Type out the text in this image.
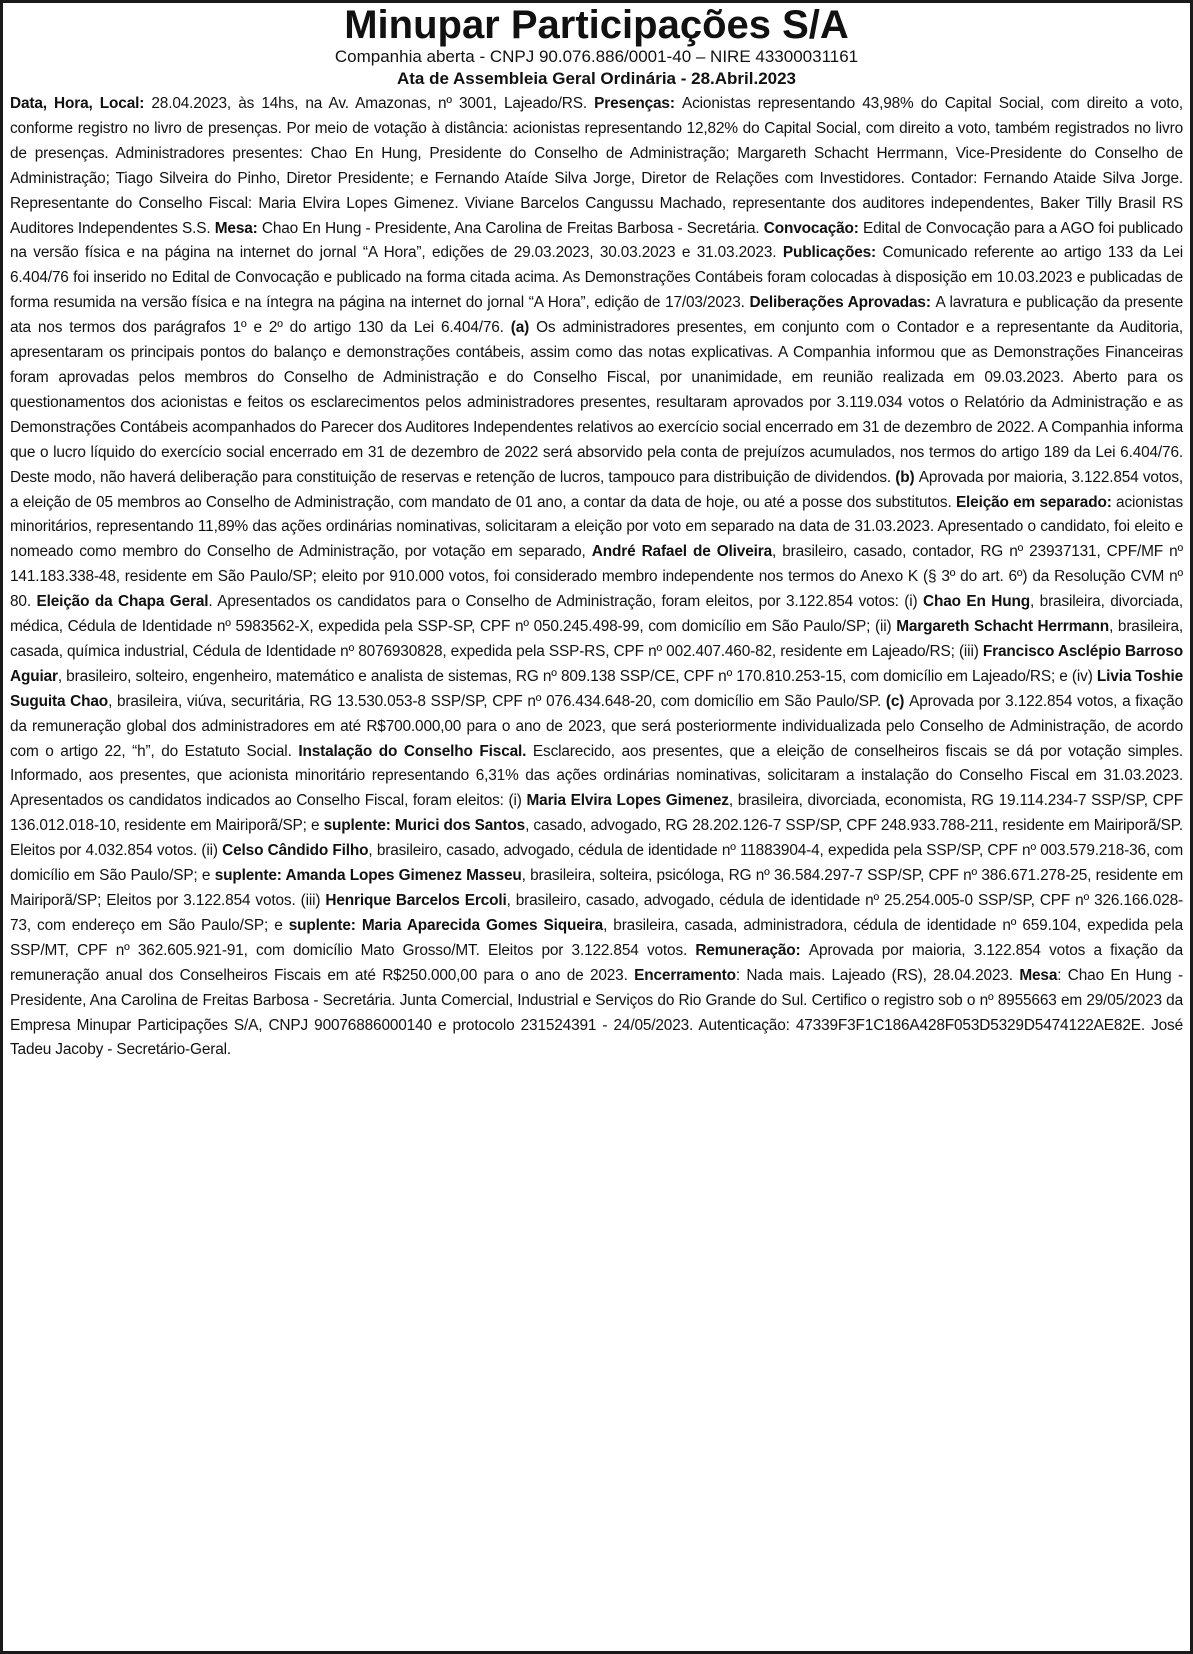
Minupar Participações S/A

Companhia aberta - CNPJ 90.076.886/0001-40 – NIRE 43300031161

Ata de Assembleia Geral Ordinária - 28.Abril.2023

Data, Hora, Local: 28.04.2023, às 14hs, na Av. Amazonas, nº 3001, Lajeado/RS. Presenças: Acionistas representando 43,98% do Capital Social, com direito a voto, conforme registro no livro de presenças. Por meio de votação à distância: acionistas representando 12,82% do Capital Social, com direito a voto, também registrados no livro de presenças. Administradores presentes: Chao En Hung, Presidente do Conselho de Administração; Margareth Schacht Herrmann, Vice-Presidente do Conselho de Administração; Tiago Silveira do Pinho, Diretor Presidente; e Fernando Ataíde Silva Jorge, Diretor de Relações com Investidores. Contador: Fernando Ataide Silva Jorge. Representante do Conselho Fiscal: Maria Elvira Lopes Gimenez. Viviane Barcelos Cangussu Machado, representante dos auditores independentes, Baker Tilly Brasil RS Auditores Independentes S.S. Mesa: Chao En Hung - Presidente, Ana Carolina de Freitas Barbosa - Secretária. Convocação: Edital de Convocação para a AGO foi publicado na versão física e na página na internet do jornal “A Hora”, edições de 29.03.2023, 30.03.2023 e 31.03.2023. Publicações: Comunicado referente ao artigo 133 da Lei 6.404/76 foi inserido no Edital de Convocação e publicado na forma citada acima. As Demonstrações Contábeis foram colocadas à disposição em 10.03.2023 e publicadas de forma resumida na versão física e na íntegra na página na internet do jornal “A Hora”, edição de 17/03/2023. Deliberações Aprovadas: A lavratura e publicação da presente ata nos termos dos parágrafos 1º e 2º do artigo 130 da Lei 6.404/76. (a) Os administradores presentes, em conjunto com o Contador e a representante da Auditoria, apresentaram os principais pontos do balanço e demonstrações contábeis, assim como das notas explicativas. A Companhia informou que as Demonstrações Financeiras foram aprovadas pelos membros do Conselho de Administração e do Conselho Fiscal, por unanimidade, em reunião realizada em 09.03.2023. Aberto para os questionamentos dos acionistas e feitos os esclarecimentos pelos administradores presentes, resultaram aprovados por 3.119.034 votos o Relatório da Administração e as Demonstrações Contábeis acompanhados do Parecer dos Auditores Independentes relativos ao exercício social encerrado em 31 de dezembro de 2022. A Companhia informa que o lucro líquido do exercício social encerrado em 31 de dezembro de 2022 será absorvido pela conta de prejuízos acumulados, nos termos do artigo 189 da Lei 6.404/76. Deste modo, não haverá deliberação para constituição de reservas e retenção de lucros, tampouco para distribuição de dividendos. (b) Aprovada por maioria, 3.122.854 votos, a eleição de 05 membros ao Conselho de Administração, com mandato de 01 ano, a contar da data de hoje, ou até a posse dos substitutos. Eleição em separado: acionistas minoritários, representando 11,89% das ações ordinárias nominativas, solicitaram a eleição por voto em separado na data de 31.03.2023. Apresentado o candidato, foi eleito e nomeado como membro do Conselho de Administração, por votação em separado, André Rafael de Oliveira, brasileiro, casado, contador, RG nº 23937131, CPF/MF nº 141.183.338-48, residente em São Paulo/SP; eleito por 910.000 votos, foi considerado membro independente nos termos do Anexo K (§ 3º do art. 6º) da Resolução CVM nº 80. Eleição da Chapa Geral. Apresentados os candidatos para o Conselho de Administração, foram eleitos, por 3.122.854 votos: (i) Chao En Hung, brasileira, divorciada, médica, Cédula de Identidade nº 5983562-X, expedida pela SSP-SP, CPF nº 050.245.498-99, com domicílio em São Paulo/SP; (ii) Margareth Schacht Herrmann, brasileira, casada, química industrial, Cédula de Identidade nº 8076930828, expedida pela SSP-RS, CPF nº 002.407.460-82, residente em Lajeado/RS; (iii) Francisco Asclépio Barroso Aguiar, brasileiro, solteiro, engenheiro, matemático e analista de sistemas, RG nº 809.138 SSP/CE, CPF nº 170.810.253-15, com domicílio em Lajeado/RS; e (iv) Livia Toshie Suguita Chao, brasileira, viúva, securitária, RG 13.530.053-8 SSP/SP, CPF nº 076.434.648-20, com domicílio em São Paulo/SP. (c) Aprovada por 3.122.854 votos, a fixação da remuneração global dos administradores em até R$700.000,00 para o ano de 2023, que será posteriormente individualizada pelo Conselho de Administração, de acordo com o artigo 22, “h”, do Estatuto Social. Instalação do Conselho Fiscal. Esclarecido, aos presentes, que a eleição de conselheiros fiscais se dá por votação simples. Informado, aos presentes, que acionista minoritário representando 6,31% das ações ordinárias nominativas, solicitaram a instalação do Conselho Fiscal em 31.03.2023. Apresentados os candidatos indicados ao Conselho Fiscal, foram eleitos: (i) Maria Elvira Lopes Gimenez, brasileira, divorciada, economista, RG 19.114.234-7 SSP/SP, CPF 136.012.018-10, residente em Mairiporã/SP; e suplente: Murici dos Santos, casado, advogado, RG 28.202.126-7 SSP/SP, CPF 248.933.788-211, residente em Mairiporã/SP. Eleitos por 4.032.854 votos. (ii) Celso Cândido Filho, brasileiro, casado, advogado, cédula de identidade nº 11883904-4, expedida pela SSP/SP, CPF nº 003.579.218-36, com domicílio em São Paulo/SP; e suplente: Amanda Lopes Gimenez Masseu, brasileira, solteira, psicóloga, RG nº 36.584.297-7 SSP/SP, CPF nº 386.671.278-25, residente em Mairiporã/SP; Eleitos por 3.122.854 votos. (iii) Henrique Barcelos Ercoli, brasileiro, casado, advogado, cédula de identidade nº 25.254.005-0 SSP/SP, CPF nº 326.166.028-73, com endereço em São Paulo/SP; e suplente: Maria Aparecida Gomes Siqueira, brasileira, casada, administradora, cédula de identidade nº 659.104, expedida pela SSP/MT, CPF nº 362.605.921-91, com domicílio Mato Grosso/MT. Eleitos por 3.122.854 votos. Remuneração: Aprovada por maioria, 3.122.854 votos a fixação da remuneração anual dos Conselheiros Fiscais em até R$250.000,00 para o ano de 2023. Encerramento: Nada mais. Lajeado (RS), 28.04.2023. Mesa: Chao En Hung - Presidente, Ana Carolina de Freitas Barbosa - Secretária. Junta Comercial, Industrial e Serviços do Rio Grande do Sul. Certifico o registro sob o nº 8955663 em 29/05/2023 da Empresa Minupar Participações S/A, CNPJ 90076886000140 e protocolo 231524391 - 24/05/2023. Autenticação: 47339F3F1C186A428F053D5329D5474122AE82E. José Tadeu Jacoby - Secretário-Geral.
